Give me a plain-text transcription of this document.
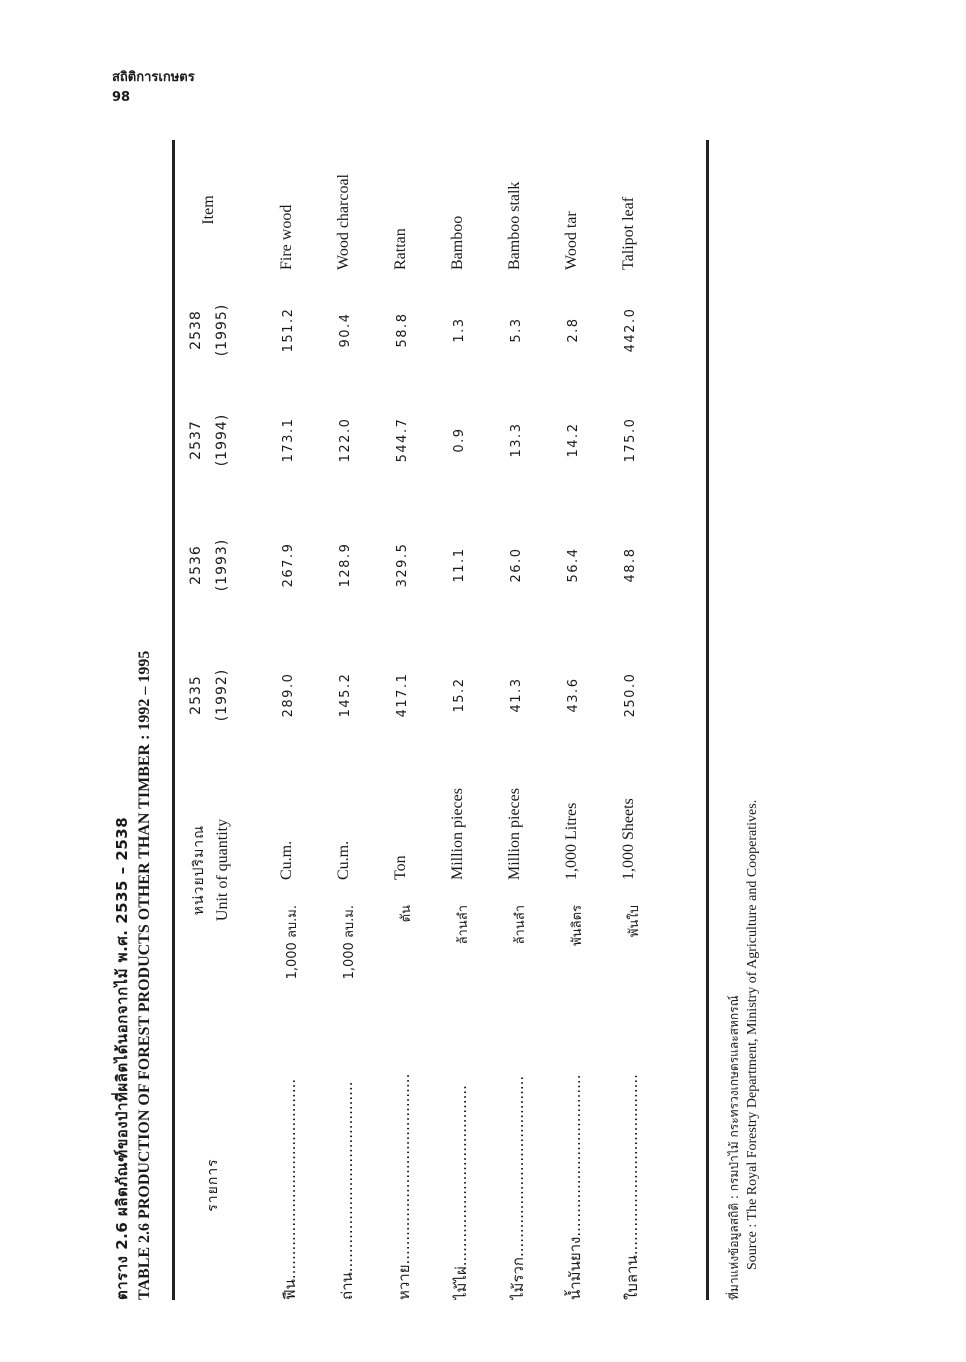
สถิติการเกษตร
98
ตาราง 2.6 ผลิตภัณฑ์ของป่าที่ผลิตได้นอกจากไม้ พ.ศ. 2535 – 2538 TABLE 2.6 PRODUCTION OF FOREST PRODUCTS OTHER THAN TIMBER : 1992 – 1995	รายการ
หน่วยปริมาณ Unit of quantity
2535 (1992)
2536 (1993)
2537 (1994)
2538 (1995)
Item
ฟืน..........................................
1,000 ลบ.ม.
Cu.m.
289.0
267.9
173.1
151.2
Fire wood
ถ่าน........................................
1,000 ลบ.ม.
Cu.m.
145.2
128.9
122.0
90.4
Wood charcoal
หวาย........................................
ตัน
Ton
417.1
329.5
544.7
58.8
Rattan
ไม้ไผ่......................................
ล้านลำ
Million pieces
15.2
11.1
0.9
1.3
Bamboo
ไม้รวก......................................
ล้านลำ
Million pieces
41.3
26.0
13.3
5.3
Bamboo stalk
น้ำมันยาง..................................
พันลิตร
1,000 Litres
43.6
56.4
14.2
2.8
Wood tar
ใบลาน......................................
พันใบ
1,000 Sheets
250.0
48.8
175.0
442.0
Talipot leaf
ที่มาแห่งข้อมูลสถิติ : กรมป่าไม้ กระทรวงเกษตรและสหกรณ์ Source : The Royal Forestry Department, Ministry of Agriculture and Cooperatives.
